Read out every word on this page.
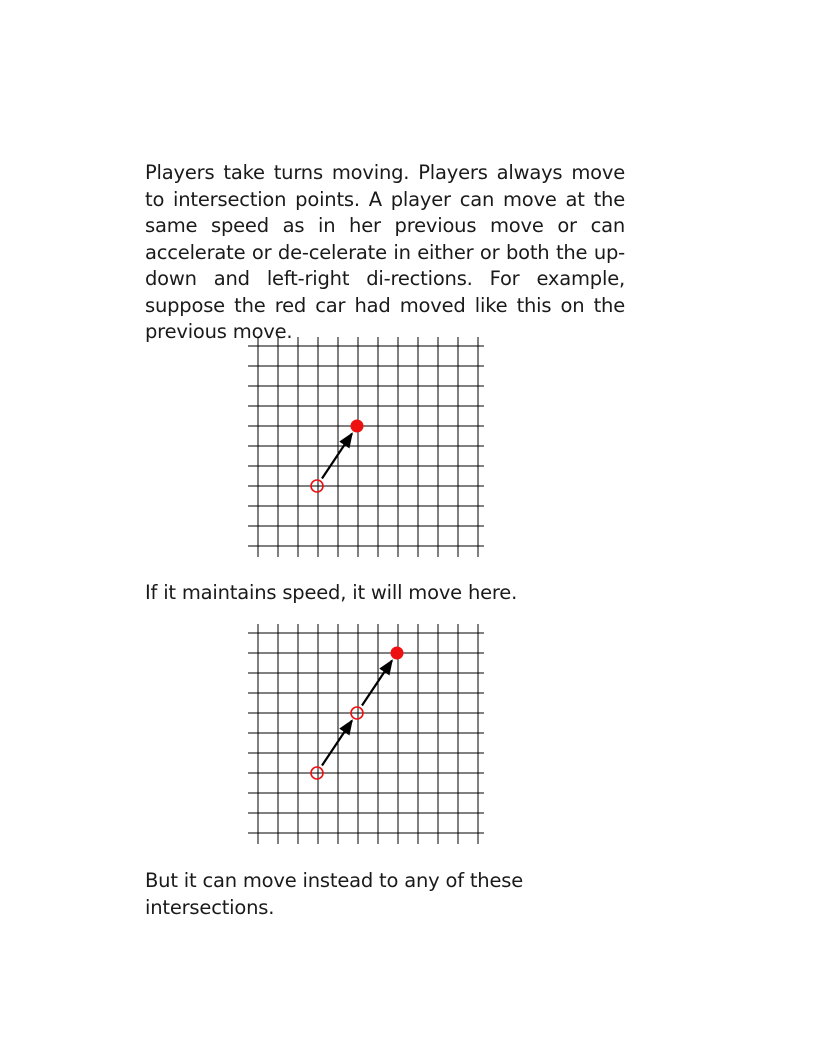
Players take turns moving. Players always move to intersection points. A player can move at the same speed as in her previous move or can accelerate or de-celerate in either or both the up-down and left-right di-rections. For example, suppose the red car had moved like this on the previous move.

If it maintains speed, it will move here.

But it can move instead to any of these intersections.
